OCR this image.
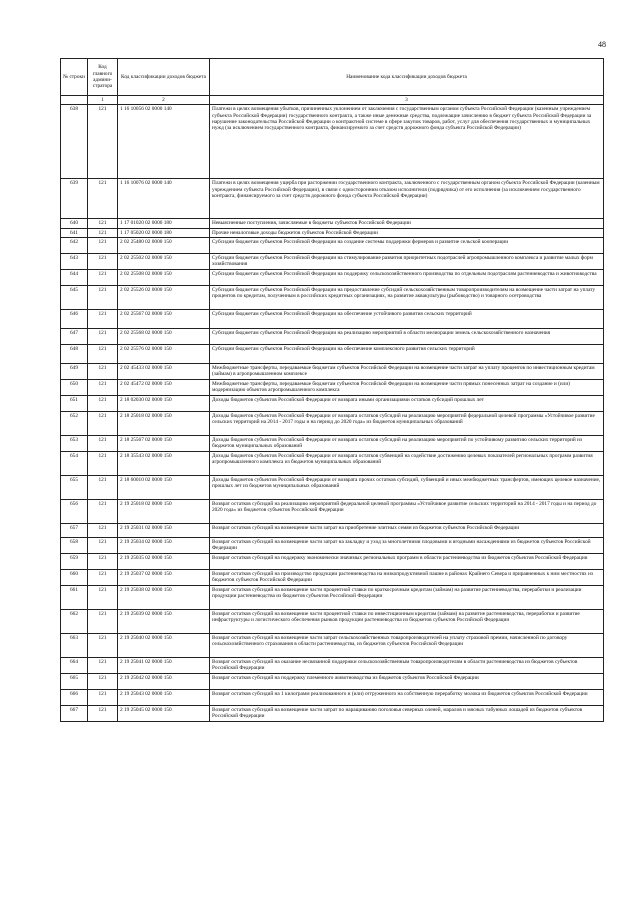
48
№ строки	Код главного админи- стратора	Код классификации доходов бюджета	Наименование кода классификации доходов бюджета
	1	2	3
638	121	1 16 10056 02 0000 140	Платежи в целях возмещения убытков, причиненных уклонением от заключения с государственным органом субъекта Российской Федерации (казенным учреждением субъекта Российской Федерации) государственного контракта, а также иные денежные средства, подлежащие зачислению в бюджет субъекта Российской Федерации за нарушение законодательства Российской Федерации о контрактной системе в сфере закупок товаров, работ, услуг для обеспечения государственных и муниципальных нужд (за исключением государственного контракта, финансируемого за счет средств дорожного фонда субъекта Российской Федерации)
639	121	1 16 10076 02 0000 140	Платежи в целях возмещения ущерба при расторжении государственного контракта, заключенного с государственным органом субъекта Российской Федерации (казенным учреждением субъекта Российской Федерации), в связи с односторонним отказом исполнителя (подрядчика) от его исполнения (за исключением государственного контракта, финансируемого за счет средств дорожного фонда субъекта Российской Федерации)
640	121	1 17 01020 02 0000 180	Невыясненные поступления, зачисляемые в бюджеты субъектов Российской Федерации
641	121	1 17 05020 02 0000 180	Прочие неналоговые доходы бюджетов субъектов Российской Федерации
642	121	2 02 25480 02 0000 150	Субсидии бюджетам субъектов Российской Федерации на создание системы поддержки фермеров и развитие сельской кооперации
643	121	2 02 25502 02 0000 150	Субсидии бюджетам субъектов Российской Федерации на стимулирование развития приоритетных подотраслей агропромышленного комплекса и развитие малых форм хозяйствования
644	121	2 02 25508 02 0000 150	Субсидии бюджетам субъектов Российской Федерации на поддержку сельскохозяйственного производства по отдельным подотраслям растениеводства и животноводства
645	121	2 02 25526 02 0000 150	Субсидии бюджетам субъектов Российской Федерации на предоставление субсидий сельскохозяйственным товаропроизводителям на возмещение части затрат на уплату процентов по кредитам, полученным в российских кредитных организациях, на развитие аквакультуры (рыбоводство) и товарного осетроводства
646	121	2 02 25567 02 0000 150	Субсидии бюджетам субъектов Российской Федерации на обеспечение устойчивого развития сельских территорий
647	121	2 02 25568 02 0000 150	Субсидии бюджетам субъектов Российской Федерации на реализацию мероприятий в области мелиорации земель сельскохозяйственного назначения
648	121	2 02 25576 02 0000 150	Субсидии бюджетам субъектов Российской Федерации на обеспечение комплексного развития сельских территорий
649	121	2 02 45433 02 0000 150	Межбюджетные трансферты, передаваемые бюджетам субъектов Российской Федерации на возмещение части затрат на уплату процентов по инвестиционным кредитам (займам) в агропромышленном комплексе
650	121	2 02 45472 02 0000 150	Межбюджетные трансферты, передаваемые бюджетам субъектов Российской Федерации на возмещение части прямых понесенных затрат на создание и (или) модернизацию объектов агропромышленного комплекса
651	121	2 18 02030 02 0000 150	Доходы бюджетов субъектов Российской Федерации от возврата иными организациями остатков субсидий прошлых лет
652	121	2 18 25018 02 0000 150	Доходы бюджетов субъектов Российской Федерации от возврата остатков субсидий на реализацию мероприятий федеральной целевой программы «Устойчивое развитие сельских территорий на 2014 - 2017 годы и на период до 2020 года» из бюджетов муниципальных образований
653	121	2 18 25567 02 0000 150	Доходы бюджетов субъектов Российской Федерации от возврата остатков субсидий на реализацию мероприятий по устойчивому развитию сельских территорий из бюджетов муниципальных образований
654	121	2 18 35543 02 0000 150	Доходы бюджетов субъектов Российской Федерации от возврата остатков субвенций на содействие достижению целевых показателей региональных программ развития агропромышленного комплекса из бюджетов муниципальных образований
655	121	2 18 60010 02 0000 150	Доходы бюджетов субъектов Российской Федерации от возврата прочих остатков субсидий, субвенций и иных межбюджетных трансфертов, имеющих целевое назначение, прошлых лет из бюджетов муниципальных образований
656	121	2 19 25018 02 0000 150	Возврат остатков субсидий на реализацию мероприятий федеральной целевой программы «Устойчивое развитие сельских территорий на 2014 - 2017 годы и на период до 2020 года» из бюджетов субъектов Российской Федерации
657	121	2 19 25031 02 0000 150	Возврат остатков субсидий на возмещение части затрат на приобретение элитных семян из бюджетов субъектов Российской Федерации
658	121	2 19 25034 02 0000 150	Возврат остатков субсидий на возмещение части затрат на закладку и уход за многолетними плодовыми и ягодными насаждениями из бюджетов субъектов Российской Федерации
659	121	2 19 25035 02 0000 150	Возврат остатков субсидий на поддержку экономически значимых региональных программ в области растениеводства из бюджетов субъектов Российской Федерации
660	121	2 19 25037 02 0000 150	Возврат остатков субсидий на производство продукции растениеводства на низкопродуктивной пашне в районах Крайнего Севера и приравненных к ним местностях из бюджетов субъектов Российской Федерации
661	121	2 19 25038 02 0000 150	Возврат остатков субсидий на возмещение части процентной ставки по краткосрочным кредитам (займам) на развитие растениеводства, переработки и реализации продукции растениеводства из бюджетов субъектов Российской Федерации
662	121	2 19 25039 02 0000 150	Возврат остатков субсидий на возмещение части процентной ставки по инвестиционным кредитам (займам) на развитие растениеводства, переработки и развитие инфраструктуры и логистического обеспечения рынков продукции растениеводства из бюджетов субъектов Российской Федерации
663	121	2 19 25040 02 0000 150	Возврат остатков субсидий на возмещение части затрат сельскохозяйственных товаропроизводителей на уплату страховой премии, начисленной по договору сельскохозяйственного страхования в области растениеводства, из бюджетов субъектов Российской Федерации
664	121	2 19 25041 02 0000 150	Возврат остатков субсидий на оказание несвязанной поддержки сельскохозяйственным товаропроизводителям в области растениеводства из бюджетов субъектов Российской Федерации
665	121	2 19 25042 02 0000 150	Возврат остатков субсидий на поддержку племенного животноводства из бюджетов субъектов Российской Федерации
666	121	2 19 25043 02 0000 150	Возврат остатков субсидий на 1 килограмм реализованного и (или) отгруженного на собственную переработку молока из бюджетов субъектов Российской Федерации
667	121	2 19 25045 02 0000 150	Возврат остатков субсидий на возмещение части затрат по наращиванию поголовья северных оленей, маралов и мясных табунных лошадей из бюджетов субъектов Российской Федерации
